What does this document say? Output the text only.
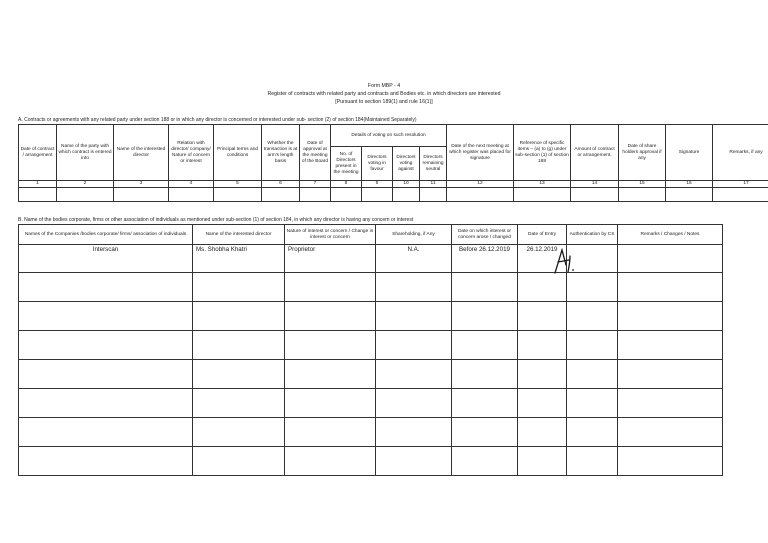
Form MBP - 4
Register of contracts with related party and contracts and Bodies etc. in which directors are interested
[Pursuant to section 189(1) and rule 16(1)]
A. Contracts or agreements with any related party under section 188 or in which any director is concerned or interested under sub- section (2) of section 184(Maintained Separately)
Date of contract / arrangement	Name of the party with which contract is entered into	Name of the interested director	Relation with director/ company/ Nature of concern or interest	Principal terms and conditions	Whether the transaction is at arm's length basis	Date of approval at the meeting of the Board	Details of voting on such resolution				Date of the next meeting at which register was placed for signature	Reference of specific items – (a) to (g) under sub-section (1) of section 188	Amount of contract or arrangement.	Date of share holders approval if any	Signature	Remarks, if any
							No. of Directors present in the meeting	Directors voting in favour	Directors voting against	Directors remaining neutral						
1	2	3	4	5	6	7	8	9	10	11	12	13	14	15	16	17

B. Name of the bodies corporate, firms or other association of individuals as mentioned under sub-section (1) of section 184, in which any director is having any concern or interest
Names of the Companies /bodies corporate/ firms/ association of individuals	Name of the interested director	Nature of interest or concern / Change in interest or concern	Shareholding, if Any	Date on which interest or concern arose / changed	Date of Entry	Authentication by CS	Remarks / Changes / Notes
Interscan	Ms. Shobha Khatri	Proprietor	N.A.	Before 26.12.2019	26.12.2019		
